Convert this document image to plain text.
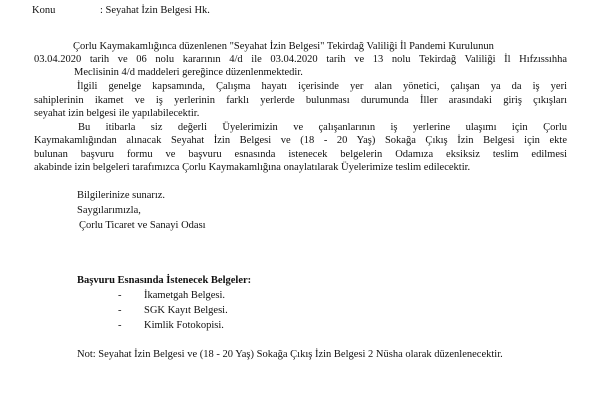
Konu	: Seyahat İzin Belgesi Hk.
Çorlu Kaymakamlığınca düzenlenen "Seyahat İzin Belgesi" Tekirdağ Valiliği İl Pandemi Kurulunun
03.04.2020 tarih ve 06 nolu kararının 4/d ile 03.04.2020 tarih ve 13 nolu Tekirdağ Valiliği İl Hıfzıssıhha
Meclisinin 4/d maddeleri gereğince düzenlenmektedir.
İlgili genelge kapsamında, Çalışma hayatı içerisinde yer alan yönetici, çalışan ya da iş yeri
sahiplerinin ikamet ve iş yerlerinin farklı yerlerde bulunması durumunda İller arasındaki giriş çıkışları
seyahat izin belgesi ile yapılabilecektir.
Bu itibarla siz değerli Üyelerimizin ve çalışanlarının iş yerlerine ulaşımı için Çorlu
Kaymakamlığından alınacak Seyahat İzin Belgesi ve (18 - 20 Yaş) Sokağa Çıkış İzin Belgesi için ekte
bulunan başvuru formu ve başvuru esnasında istenecek belgelerin Odamıza eksiksiz teslim edilmesi
akabinde izin belgeleri tarafımızca Çorlu Kaymakamlığına onaylatılarak Üyelerimize teslim edilecektir.
Bilgilerinize sunarız.
Saygılarımızla,
Çorlu Ticaret ve Sanayi Odası
Başvuru Esnasında İstenecek Belgeler:
-	İkametgah Belgesi.
-	SGK Kayıt Belgesi.
-	Kimlik Fotokopisi.
Not: Seyahat İzin Belgesi ve (18 - 20 Yaş) Sokağa Çıkış İzin Belgesi 2 Nüsha olarak düzenlenecektir.
